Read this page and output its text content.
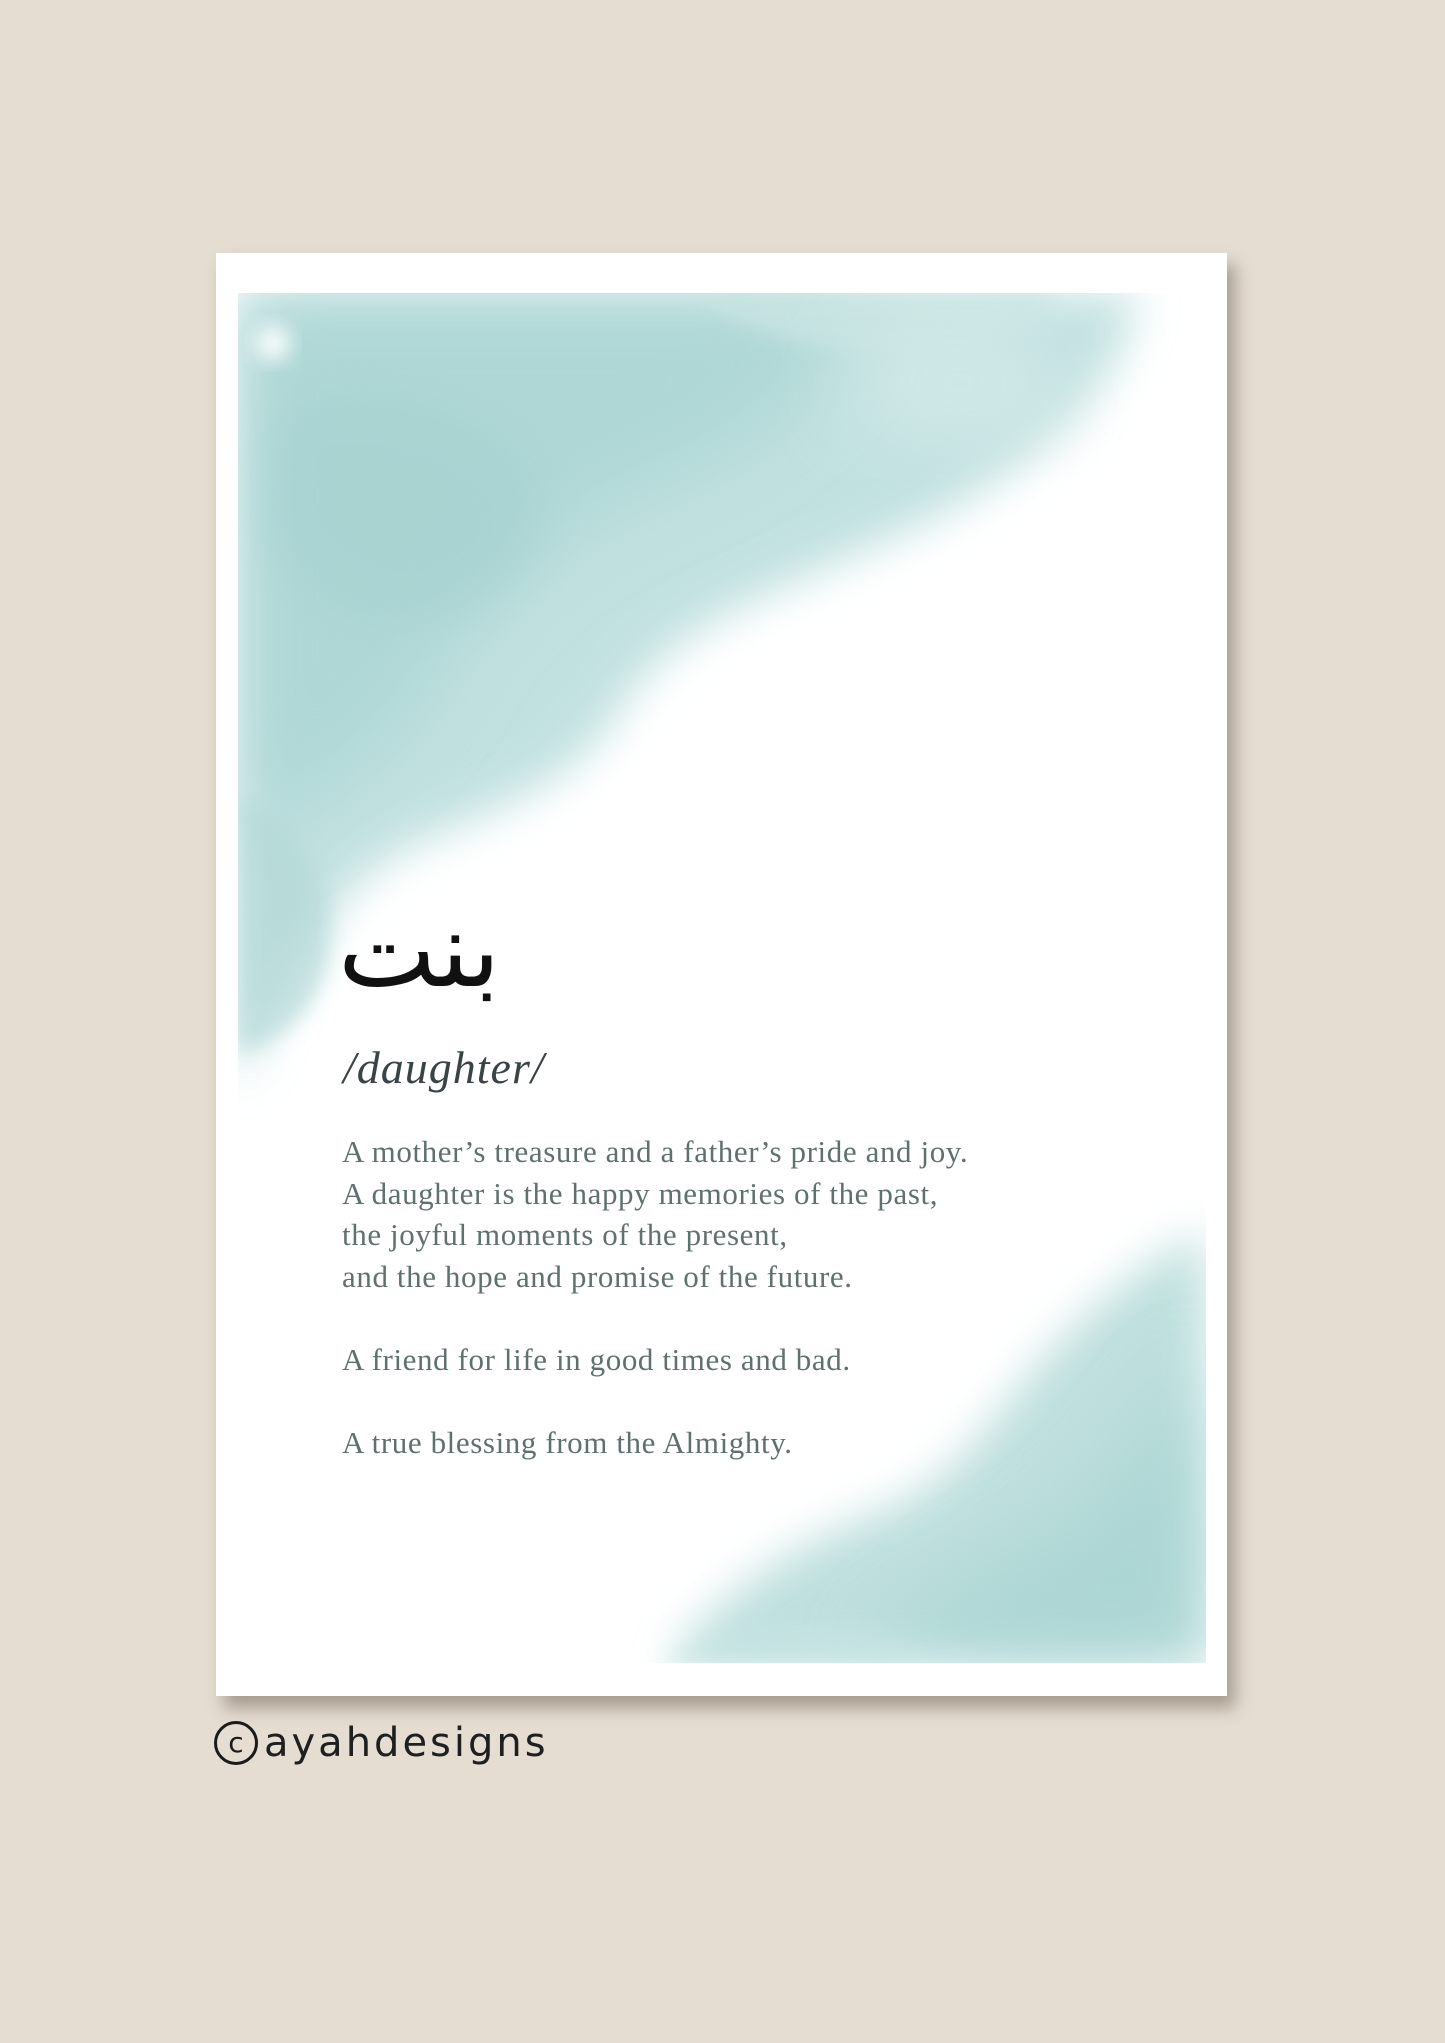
بنت
/daughter/

A mother’s treasure and a father’s pride and joy.

A daughter is the happy memories of the past,

the joyful moments of the present,

and the hope and promise of the future.

A friend for life in good times and bad.

A true blessing from the Almighty.

c ayahdesigns
